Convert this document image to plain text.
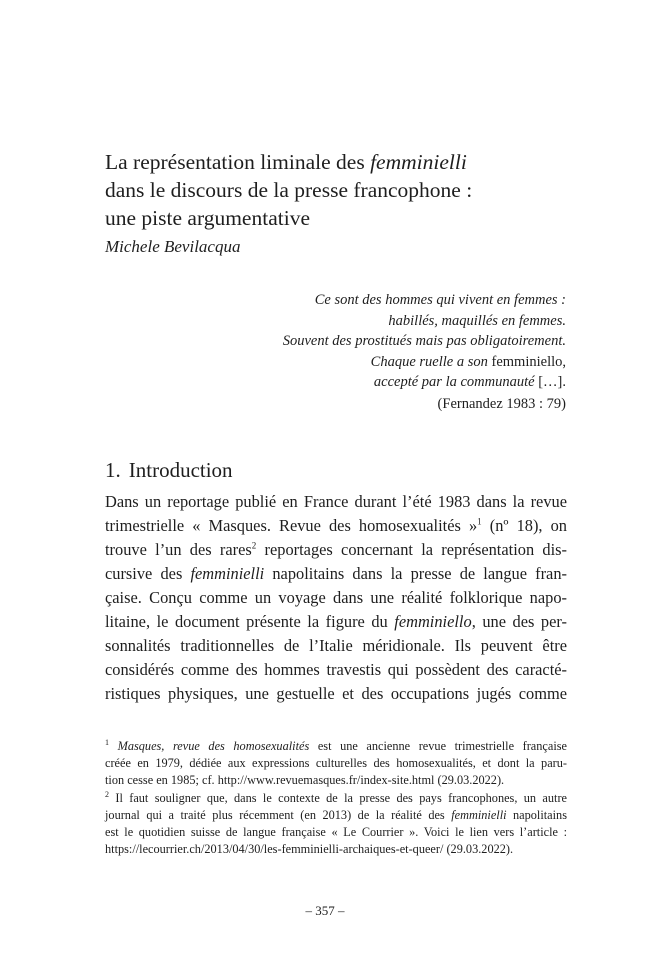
La représentation liminale des femminielli
dans le discours de la presse francophone :
une piste argumentative
Michele Bevilacqua
Ce sont des hommes qui vivent en femmes :
habillés, maquillés en femmes.
Souvent des prostitués mais pas obligatoirement.
Chaque ruelle a son femminiello,
accepté par la communauté […].
(Fernandez 1983 : 79)
1. Introduction
Dans un reportage publié en France durant l’été 1983 dans la revue
trimestrielle « Masques. Revue des homosexualités »$^1$ (nº 18), on
trouve l’un des rares$^2$ reportages concernant la représentation dis-
cursive des femminielli napolitains dans la presse de langue fran-
çaise. Conçu comme un voyage dans une réalité folklorique napo-
litaine, le document présente la figure du femminiello, une des per-
sonnalités traditionnelles de l’Italie méridionale. Ils peuvent être
considérés comme des hommes travestis qui possèdent des caracté-
ristiques physiques, une gestuelle et des occupations jugés comme
$^1$ Masques, revue des homosexualités est une ancienne revue trimestrielle française
créée en 1979, dédiée aux expressions culturelles des homosexualités, et dont la paru-
tion cesse en 1985; cf. http://www.revuemasques.fr/index-site.html (29.03.2022).
$^2$ Il faut souligner que, dans le contexte de la presse des pays francophones, un autre
journal qui a traité plus récemment (en 2013) de la réalité des femminielli napolitains
est le quotidien suisse de langue française « Le Courrier ». Voici le lien vers l’article :
https://lecourrier.ch/2013/04/30/les-femminielli-archaiques-et-queer/ (29.03.2022).
– 357 –
